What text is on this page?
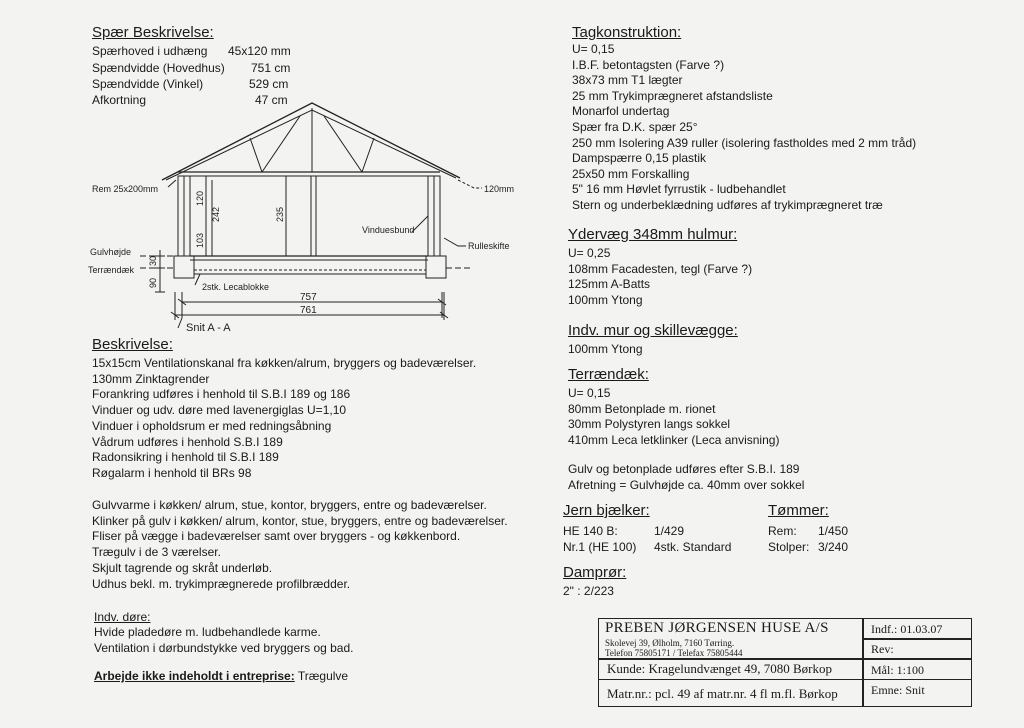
Spær Beskrivelse:
Spærhoved i udhæng 45x120 mm
Spændvidde (Hovedhus) 751 cm
Spændvidde (Vinkel)	529 cm
Afkortning	47 cm
Rem 25x200mm
Gulvhøjde
Terrændæk
2stk. Lecablokke
Vinduesbund
Rulleskifte
120mm
757
761
120
242	235
103
30
90
Snit A - A
Beskrivelse:
15x15cm Ventilationskanal fra køkken/alrum, bryggers og badeværelser.
130mm Zinktagrender
Forankring udføres i henhold til S.B.I 189 og 186
Vinduer og udv. døre med lavenergiglas U=1,10
Vinduer i opholdsrum er med redningsåbning
Vådrum udføres i henhold S.B.I 189
Radonsikring i henhold til S.B.I 189
Røgalarm i henhold til BRs 98
Gulvvarme i køkken/ alrum, stue, kontor, bryggers, entre og badeværelser.
Klinker på gulv i køkken/ alrum, kontor, stue, bryggers, entre og badeværelser.
Fliser på vægge i badeværelser samt over bryggers - og køkkenbord.
Trægulv i de 3 værelser.
Skjult tagrende og skråt underløb.
Udhus bekl. m. trykimprægnerede profilbrædder.
Indv. døre:
Hvide pladedøre m. ludbehandlede karme.
Ventilation i dørbundstykke ved bryggers og bad.
Arbejde ikke indeholdt i entreprise: Trægulve
Tagkonstruktion:
U= 0,15
I.B.F. betontagsten (Farve ?)
38x73 mm T1 lægter
25 mm Trykimprægneret afstandsliste
Monarfol undertag
Spær fra D.K. spær 25°
250 mm Isolering A39 ruller (isolering fastholdes med 2 mm tråd)
Dampspærre 0,15 plastik
25x50 mm Forskalling
5" 16 mm Høvlet fyrrustik - ludbehandlet
Stern og underbeklædning udføres af trykimprægneret træ
Ydervæg 348mm hulmur:
U= 0,25
108mm Facadesten, tegl (Farve ?)
125mm A-Batts
100mm Ytong
Indv. mur og skillevægge:
100mm Ytong
Terrændæk:
U= 0,15
80mm Betonplade m. rionet
30mm Polystyren langs sokkel
410mm Leca letklinker (Leca anvisning)
Gulv og betonplade udføres efter S.B.I. 189
Afretning = Gulvhøjde ca. 40mm over sokkel
Jern bjælker:
HE 140 B:	1/429
Nr.1 (HE 100) 4stk. Standard
Tømmer:
Rem: 1/450
Stolper: 3/240
Damprør:
2" : 2/223
PREBEN JØRGENSEN HUSE A/S
Skolevej 39, Ølholm, 7160 Tørring.
Telefon 75805171 / Telefax 75805444
Kunde: Kragelundvænget 49, 7080 Børkop
Matr.nr.: pcl. 49 af matr.nr. 4 fl m.fl. Børkop
Indf.: 01.03.07
Rev:
Mål: 1:100
Emne: Snit
